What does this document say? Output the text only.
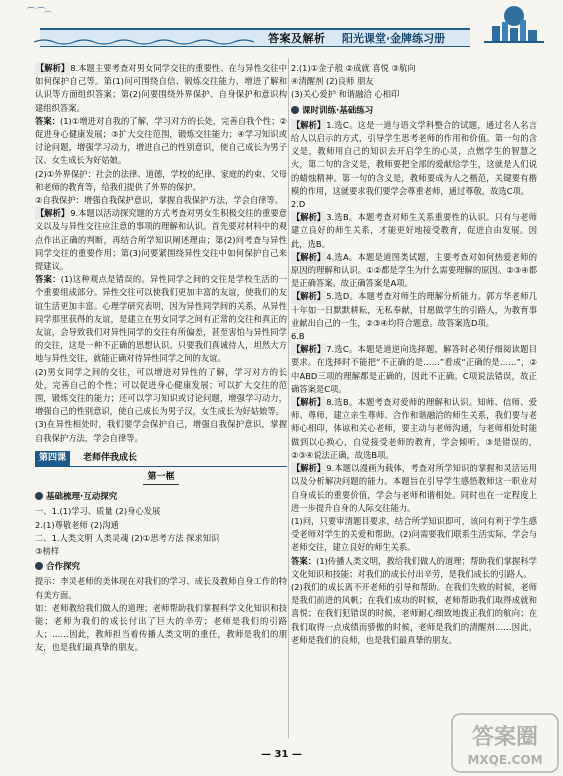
⌒⌒
⌒
答案及解析 阳光课堂·金牌练习册

【解析】8.本题主要考查对男女同学交往的重要性、在与异性交往中如何保护自己等。第(1)问可围绕自信、锻炼交往能力、增进了解和认识等方面组织答案；第(2)问要围绕外界保护、自身保护和意识构建组织答案。

答案：(1)①增进对自我的了解，学习对方的长处，完善自我个性；②促进身心健康发展；③扩大交往范围，锻炼交往能力；④学习知识或讨论问题，增强学习动力，增进自己的性别意识，使自己成长为男子汉、女生成长为好姑娘。

(2)①外界保护：社会的法律、道德，学校的纪律、家庭的约束、父母和老师的教育等，给我们提供了外界的保护。

②自我保护：增强自我保护意识，掌握自我保护方法，学会自律等。

【解析】9.本题以活动探究题的方式考查对男女生积极交往的重要意义以及与异性交往应注意的事项的理解和认识。首先要对材料中的观点作出正确的判断，再结合所学知识阐述理由；第(2)问考查与异性同学交往的重要作用；第(3)问要紧围绕异性交往中如何保护自己来提建议。

答案：(1)这种观点是错误的。异性同学之间的交往是学校生活的一个重要组成部分。异性交往可以使我们更加丰富的友谊，使我们的友谊生活更加丰富。心理学研究表明，因为异性同学间的关系，从异性同学那里获得的友谊，是建立在男女同学之间有正常的交往和真正的友谊，会导致我们对异性同学的交往有所偏差，甚至害怕与异性同学的交往，这是一种不正确的思想认识。只要我们真诚待人，坦然大方地与异性交往，就能正确对待异性同学之间的友谊。

(2)男女同学之间的交往，可以增进对异性的了解，学习对方的长处，完善自己的个性；可以促进身心健康发展；可以扩大交往的范围，锻炼交往的能力；还可以学习知识或讨论问题，增强学习动力，增强自己的性别意识，使自己成长为男子汉，女生成长为好姑娘等。

(3)在异性相处时，我们要学会保护自己，增强自我保护意识，掌握自我保护方法，学会自律等。

第四课	老师伴我成长
第一框
基础梳理·互动探究

一、1.(1)学习、质量 (2)身心发展

2.(1)尊敬老师 (2)沟通

二、1.人类文明 人类灵魂 (2)①思考方法 探求知识

③榜样

合作探究

提示：李灵老师的美体现在对我们的学习、成长及教师自身工作的特有美方面。

如：老师教给我们做人的道理；老师帮助我们掌握科学文化知识和技能；老师为我们的成长付出了巨大的辛劳；老师是我们的引路人；……因此，教师担当着传播人类文明的重任，教师是我们的朋友，也是我们最真挚的朋友。

2.(1)①金子般 ②成就 喜悦 ③航向

④清醒剂 (2)良师 朋友

(3)关心爱护 和谐融洽 心相印

课时训练·基础练习

【解析】1.选C。这是一道与语文学科整合的试题，通过名人名言给人以启示的方式，引导学生思考老师的作用和价值。第一句的含义是，教师用自己的知识去开启学生的心灵，点燃学生的智慧之火，第二句的含义是，教师要把全部的爱献给学生，这就是人们说的蜡烛精神。第一句的含义是，教师要成为人之楷范，关键要有楷模的作用，这就要求我们要学会尊重老师，通过尊敬，故选C项。

2.D

【解析】3.选B。本题考查对师生关系重要性的认识。只有与老师建立良好的师生关系，才能更好地接受教育，促进自由发展。因此，选B。

【解析】4.选A。本题是道图类试题，主要考查对如何热爱老师的原因的理解和认识。①②都是学生为什么需要理解的原因。②③④都是正确答案。故正确答案是A项。

【解析】5.选D。本题考查对师生的理解分析能力。郭方华老师几十年如一日默默耕耘，无私奉献，甘愿做学生的引路人，为教育事业献出自己的一生，②③④均符合题意。故答案选D项。

6.B

【解析】7.选C。本题是道逆向选择题，解答时必须仔细阅读题目要求。在选择时不能把“不正确的是……”看成“正确的是……”，②中ABD三项的理解都是正确的，因此不正确。C项说法错误，故正确答案是C项。

【解析】8.选B。本题考查对爱师的理解和认识。知师、信师、爱师、尊师，建立亲生尊师、合作和谐融洽的师生关系，我们要与老师心相印，体谅和关心老师，要主动与老师沟通，与老师相处时能做到以心换心，自觉接受老师的教育，学会倾听。③是错误的，②③④说法正确，故选B项。

【解析】9.本题以漫画为载体，考查对所学知识的掌握和灵活运用以及分析解决问题的能力。本题旨在引导学生感悟教师这一职业对自身成长的重要价值，学会与老师和谐相处。同时也在一定程度上进一步提升自身的人际交往能力。

(1)问，只要审清题目要求，结合所学知识即可，该问有利于学生感受老师对学生的关爱和帮助。(2)问需要我们联系生活实际，学会与老师交往，建立良好的师生关系。

答案：(1)传播人类文明，教给我们做人的道理；帮助我们掌握科学文化知识和技能；对我们的成长付出辛劳，是我们成长的引路人。

(2)我们的成长离不开老师的引导和帮助。在我们失败的时候，老师是我们前进的风帆；在我们成功的时候，老师帮助我们取得成就和喜悦；在我们犯错误的时候，老师耐心细致地拨正我们的航向；在我们取得一点成绩而骄傲的时候，老师是我们的清醒剂……因此，老师是我们的良师，也是我们最真挚的朋友。

— 31 —
答案圈
MXQE.COM
